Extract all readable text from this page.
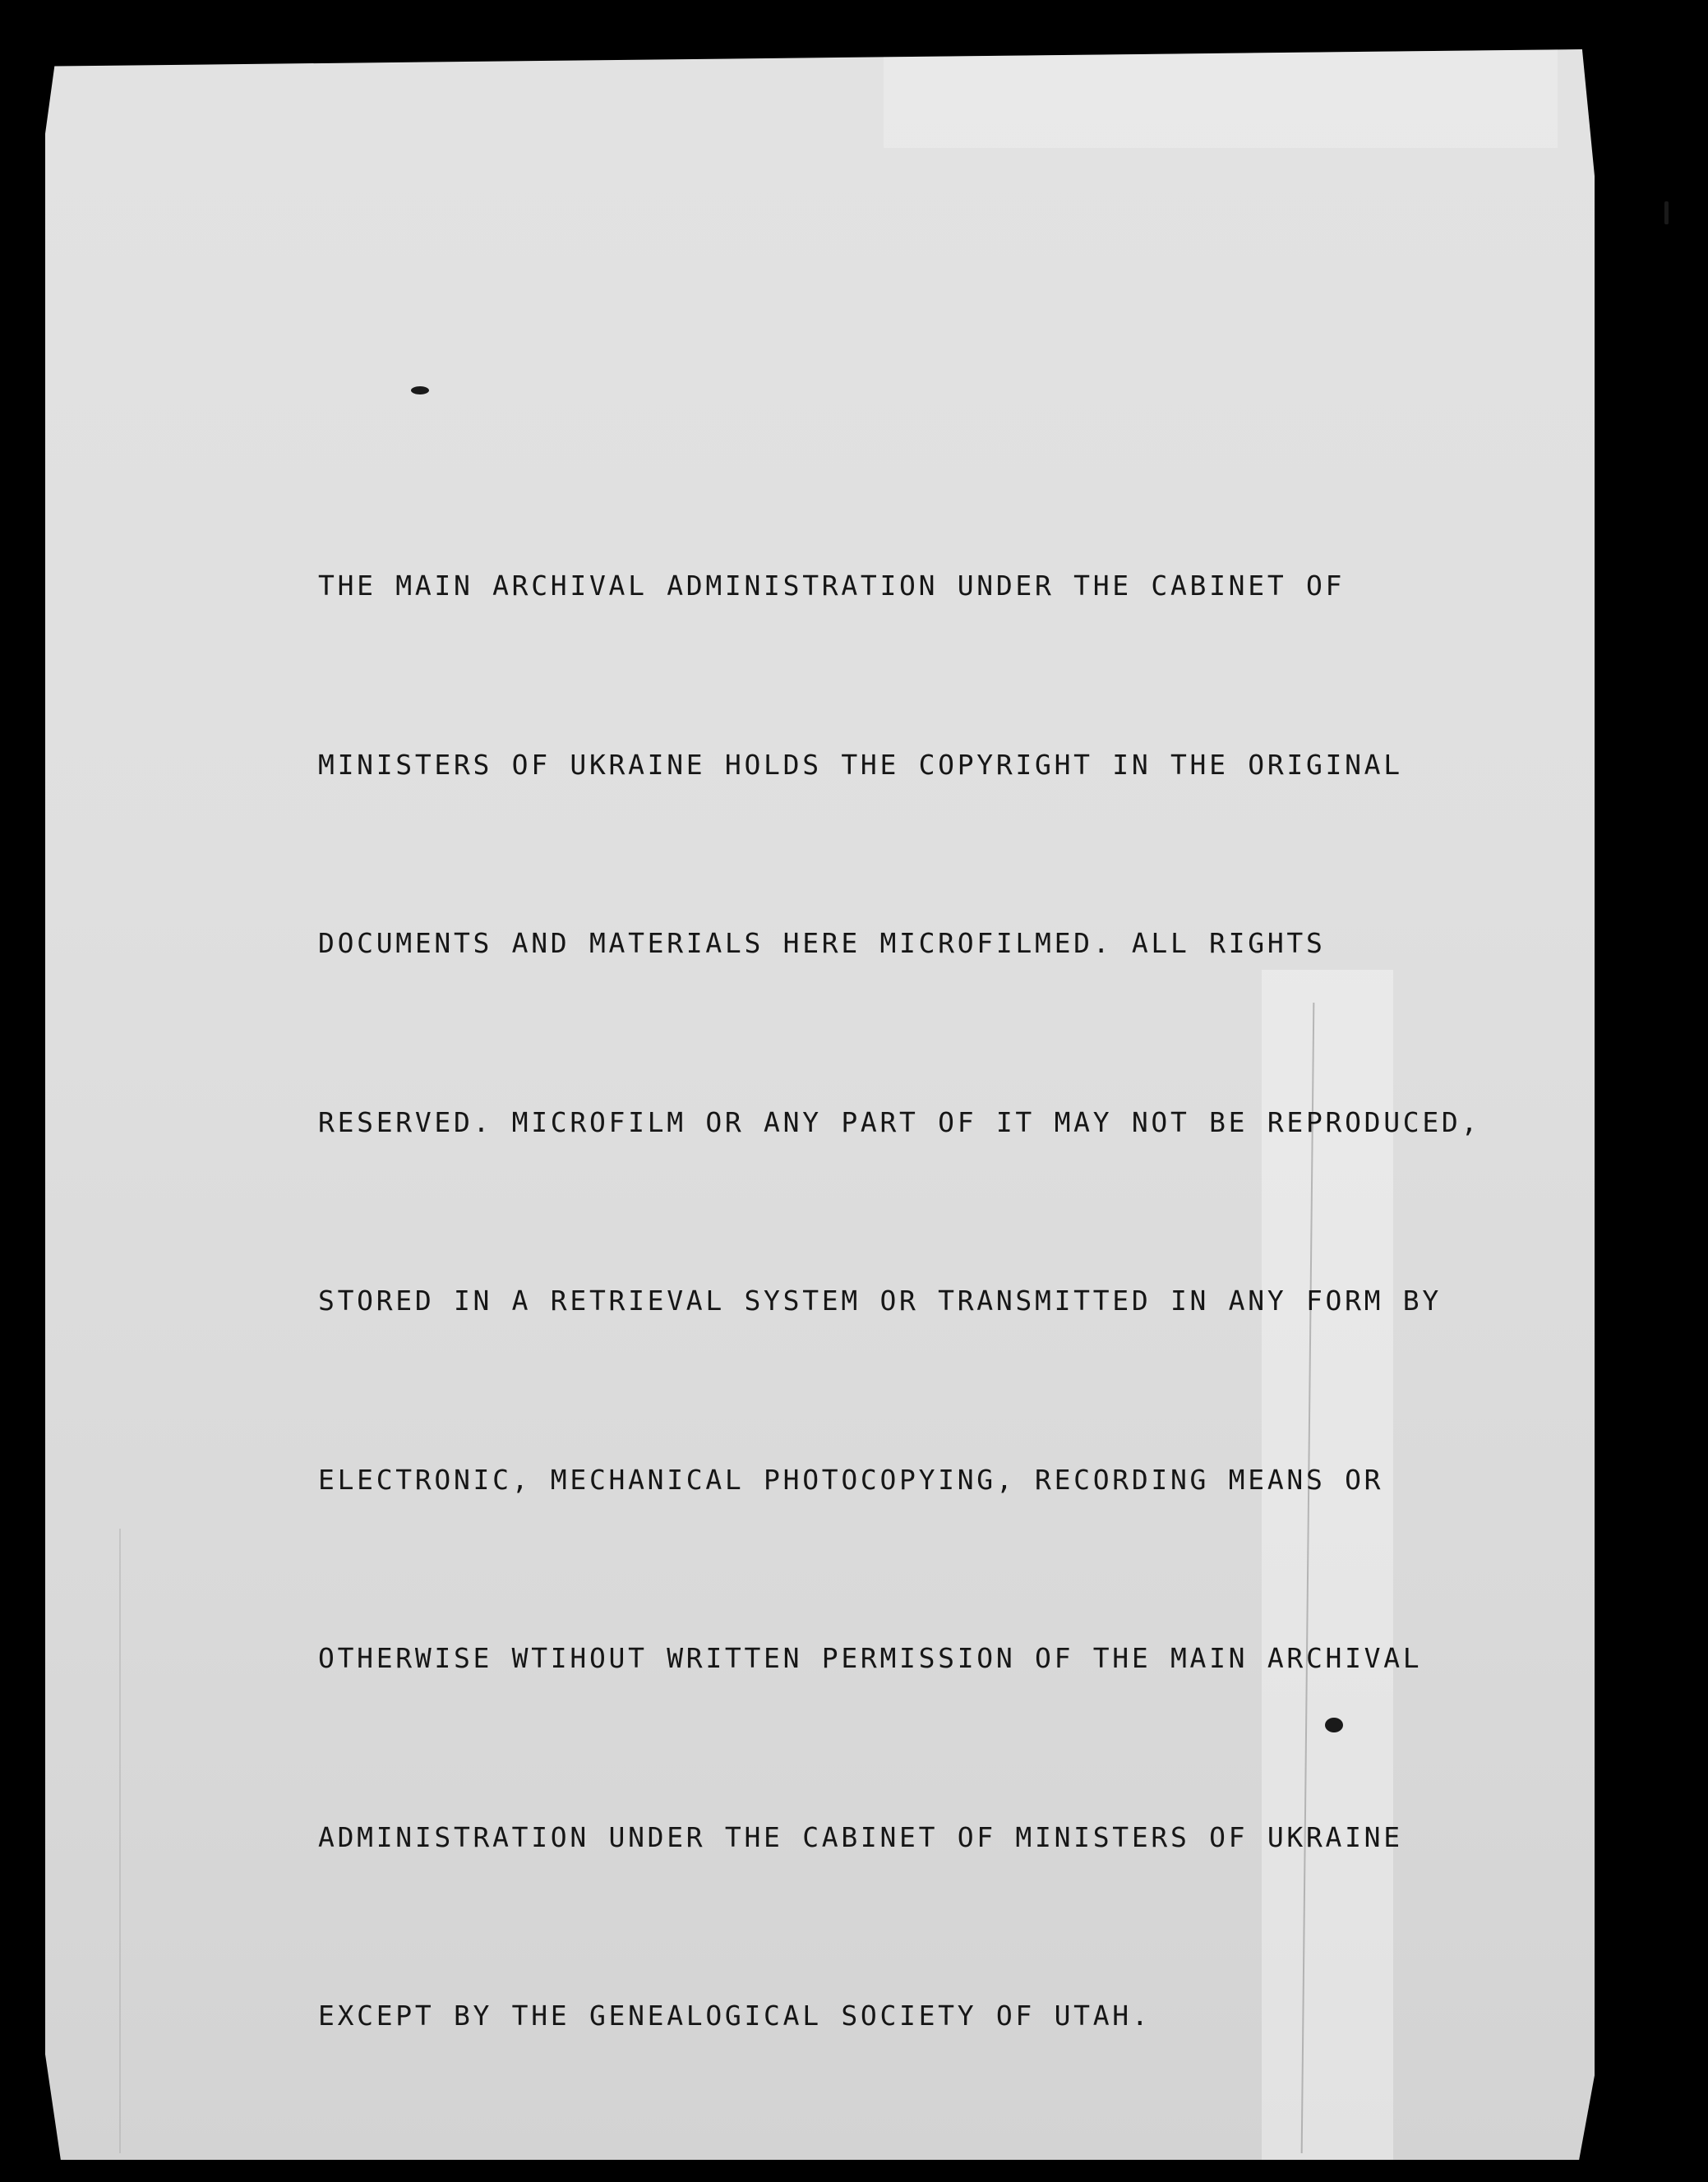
THE MAIN ARCHIVAL ADMINISTRATION UNDER THE CABINET OF

MINISTERS OF UKRAINE HOLDS THE COPYRIGHT IN THE ORIGINAL

DOCUMENTS AND MATERIALS HERE MICROFILMED. ALL RIGHTS

RESERVED. MICROFILM OR ANY PART OF IT MAY NOT BE REPRODUCED,

STORED IN A RETRIEVAL SYSTEM OR TRANSMITTED IN ANY FORM BY

ELECTRONIC, MECHANICAL PHOTOCOPYING, RECORDING MEANS OR

OTHERWISE WTIHOUT WRITTEN PERMISSION OF THE MAIN ARCHIVAL

ADMINISTRATION UNDER THE CABINET OF MINISTERS OF UKRAINE

EXCEPT BY THE GENEALOGICAL SOCIETY OF UTAH.
